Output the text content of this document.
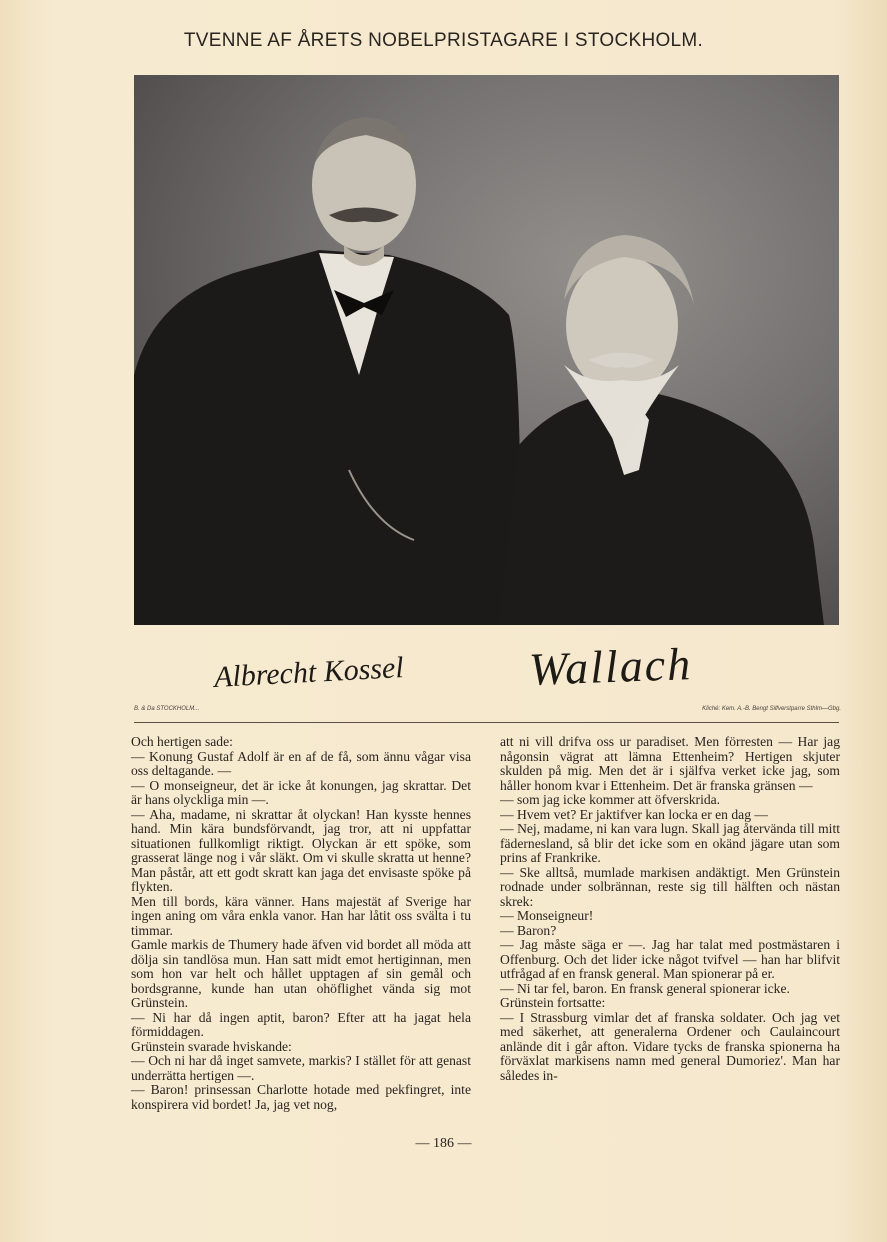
TVENNE AF ÅRETS NOBELPRISTAGARE I STOCKHOLM.
Albrecht Kossel	Wallach
B. & Da STOCKHOLM...	Kliché: Kem. A.-B. Bengt Silfverstparre Sthlm—Gbg.

Och hertigen sade:

— Konung Gustaf Adolf är en af de få, som ännu vågar visa oss deltagande. —

— O monseigneur, det är icke åt konungen, jag skrattar. Det är hans olyckliga min —.

— Aha, madame, ni skrattar åt olyckan! Han kysste hennes hand. Min kära bundsförvandt, jag tror, att ni uppfattar situationen fullkomligt riktigt. Olyckan är ett spöke, som grasserat länge nog i vår släkt. Om vi skulle skratta ut henne? Man påstår, att ett godt skratt kan jaga det envisaste spöke på flykten.

Men till bords, kära vänner. Hans majestät af Sverige har ingen aning om våra enkla vanor. Han har låtit oss svälta i tu timmar.

Gamle markis de Thumery hade äfven vid bordet all möda att dölja sin tandlösa mun. Han satt midt emot hertiginnan, men som hon var helt och hållet upptagen af sin gemål och bordsgranne, kunde han utan ohöflighet vända sig mot Grünstein.

— Ni har då ingen aptit, baron? Efter att ha jagat hela förmiddagen.

Grünstein svarade hviskande:

— Och ni har då inget samvete, markis? I stället för att genast underrätta hertigen —.

— Baron! prinsessan Charlotte hotade med pekfingret, inte konspirera vid bordet! Ja, jag vet nog,

att ni vill drifva oss ur paradiset. Men förresten — Har jag någonsin vägrat att lämna Ettenheim? Hertigen skjuter skulden på mig. Men det är i själfva verket icke jag, som håller honom kvar i Ettenheim. Det är franska gränsen —

— som jag icke kommer att öfverskrida.

— Hvem vet? Er jaktifver kan locka er en dag —

— Nej, madame, ni kan vara lugn. Skall jag återvända till mitt fädernesland, så blir det icke som en okänd jägare utan som prins af Frankrike.

— Ske alltså, mumlade markisen andäktigt. Men Grünstein rodnade under solbrännan, reste sig till hälften och nästan skrek:

— Monseigneur!

— Baron?

— Jag måste säga er —. Jag har talat med postmästaren i Offenburg. Och det lider icke något tvifvel — han har blifvit utfrågad af en fransk general. Man spionerar på er.

— Ni tar fel, baron. En fransk general spionerar icke.

Grünstein fortsatte:

— I Strassburg vimlar det af franska soldater. Och jag vet med säkerhet, att generalerna Ordener och Caulaincourt anlände dit i går afton. Vidare tycks de franska spionerna ha förväxlat markisens namn med general Dumoriez'. Man har således in-

— 186 —
